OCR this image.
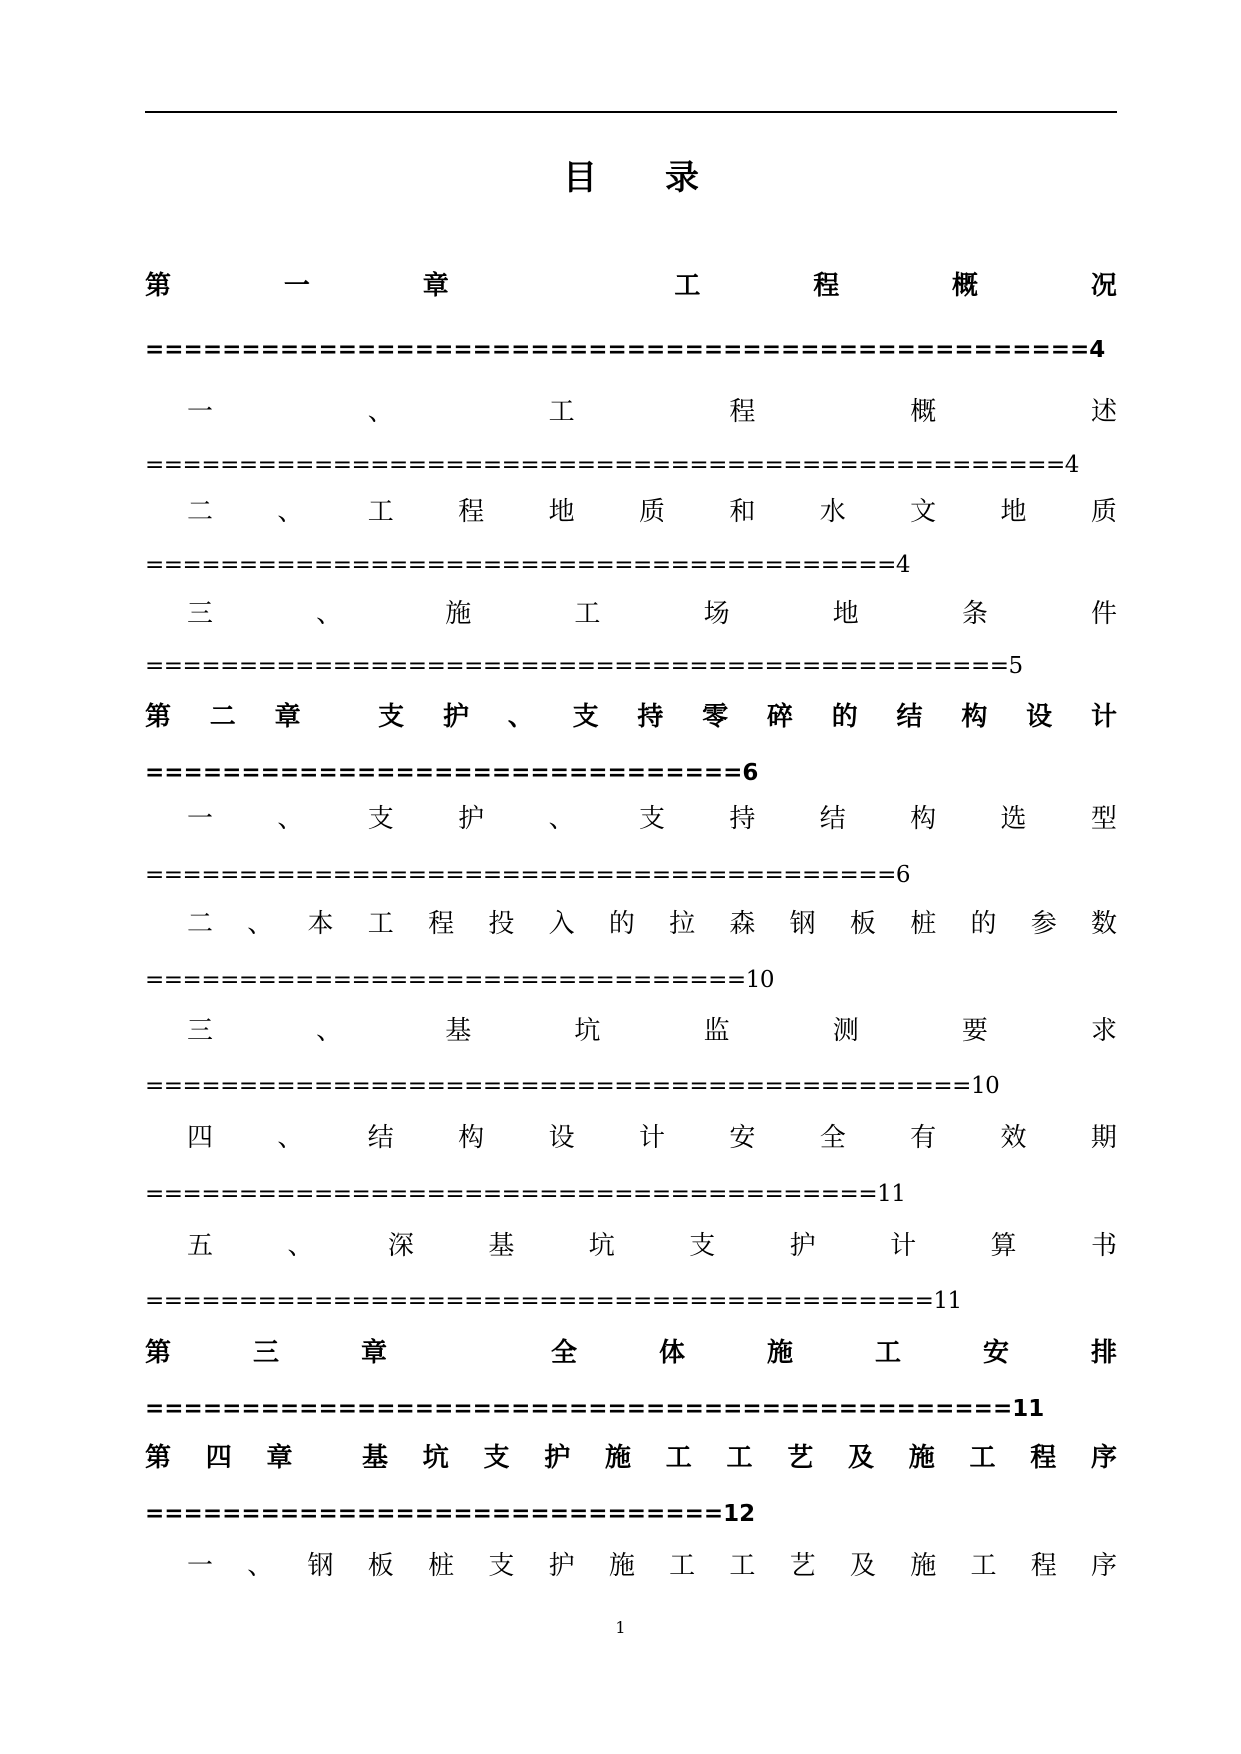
目 录
第	一	章	工	程	概	况
=================================================4
一	、	工	程	概	述
=================================================4
二 、 工 程 地 质 和 水 文 地 质
========================================4
三	、	施	工	场	地	条	件
==============================================5
第 二 章	支 护 、 支 持 零 碎 的 结 构 设 计
===============================6
一 、 支 护 、 支 持 结 构 选 型
========================================6
二 、 本 工 程 投 入 的 拉 森 钢 板 桩 的 参 数
================================10
三	、	基	坑	监	测	要	求
============================================10
四 、 结 构 设 计 安 全 有 效 期
=======================================11
五	、	深	基	坑	支	护	计	算	书
==========================================11
第	三	章	全	体	施	工	安	排
=============================================11
第 四 章	基 坑 支 护 施 工 工 艺 及 施 工 程 序
==============================12
一 、 钢 板 桩 支 护 施 工 工 艺 及 施 工 程 序
1
